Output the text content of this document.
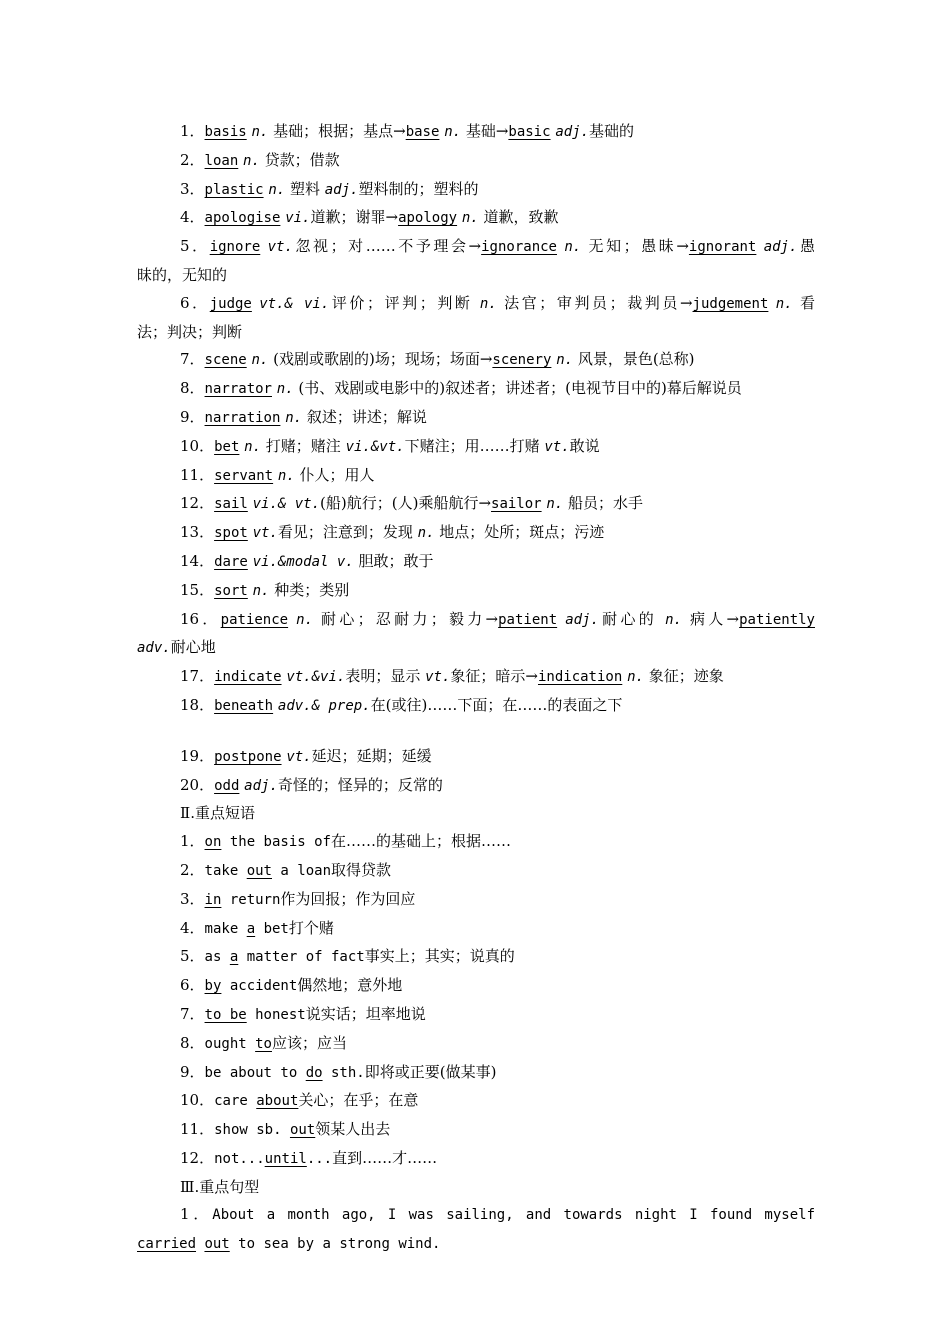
1．basis n. 基础；根据；基点→base n. 基础→basic adj.基础的
2．loan n. 贷款；借款
3．plastic n. 塑料 adj.塑料制的；塑料的
4．apologise vi.道歉；谢罪→apology n. 道歉，致歉
5．ignore vt.忽视；对……不予理会→ignorance n. 无知；愚昧→ignorant adj.愚
昧的，无知的
6．judge vt.& vi.评价；评判；判断 n. 法官；审判员；裁判员→judgement n. 看
法；判决；判断
7．scene n. (戏剧或歌剧的)场；现场；场面→scenery n. 风景，景色(总称)
8．narrator n. (书、戏剧或电影中的)叙述者；讲述者；(电视节目中的)幕后解说员
9．narration n. 叙述；讲述；解说
10．bet n. 打赌；赌注 vi.&vt.下赌注；用……打赌 vt.敢说
11．servant n. 仆人；用人
12．sail vi.& vt.(船)航行；(人)乘船航行→sailor n. 船员；水手
13．spot vt.看见；注意到；发现 n. 地点；处所；斑点；污迹
14．dare vi.&modal v. 胆敢；敢于
15．sort n. 种类；类别
16．patience n. 耐心；忍耐力；毅力→patient adj.耐心的 n. 病人→patiently
adv.耐心地
17．indicate vt.&vi.表明；显示 vt.象征；暗示→indication n. 象征；迹象
18．beneath adv.& prep.在(或往)……下面；在……的表面之下
19．postpone vt.延迟；延期；延缓
20．odd adj.奇怪的；怪异的；反常的
Ⅱ.重点短语
1．on the basis of在……的基础上；根据……
2．take out a loan取得贷款
3．in return作为回报；作为回应
4．make a bet打个赌
5．as a matter of fact事实上；其实；说真的
6．by accident偶然地；意外地
7．to be honest说实话；坦率地说
8．ought to应该；应当
9．be about to do sth.即将或正要(做某事)
10．care about关心；在乎；在意
11．show sb. out领某人出去
12．not...until...直到……才……
Ⅲ.重点句型
1．About a month ago, I was sailing, and towards night I found myself
carried out to sea by a strong wind.
